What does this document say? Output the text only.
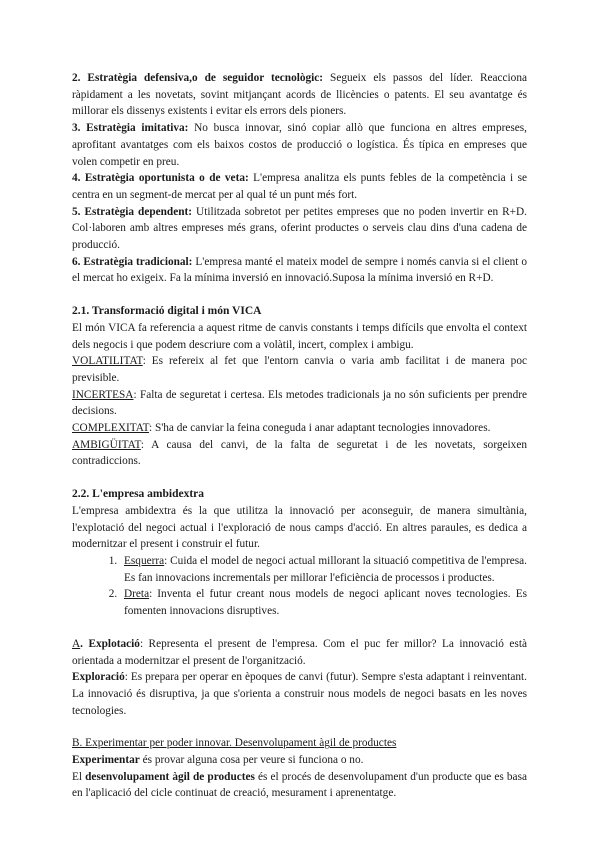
2. Estratègia defensiva,o de seguidor tecnològic: Segueix els passos del líder. Reacciona ràpidament a les novetats, sovint mitjançant acords de llicències o patents. El seu avantatge és millorar els dissenys existents i evitar els errors dels pioners.

3. Estratègia imitativa: No busca innovar, sinó copiar allò que funciona en altres empreses, aprofitant avantatges com els baixos costos de producció o logística. És típica en empreses que volen competir en preu.

4. Estratègia oportunista o de veta: L'empresa analitza els punts febles de la competència i se centra en un segment-de mercat per al qual té un punt més fort.

5. Estratègia dependent: Utilitzada sobretot per petites empreses que no poden invertir en R+D. Col·laboren amb altres empreses més grans, oferint productes o serveis clau dins d'una cadena de producció.

6. Estratègia tradicional: L'empresa manté el mateix model de sempre i només canvia si el client o el mercat ho exigeix. Fa la mínima inversió en innovació.Suposa la mínima inversió en R+D.

2.1. Transformació digital i món VICA

El món VICA fa referencia a aquest ritme de canvis constants i temps difícils que envolta el context dels negocis i que podem descriure com a volàtil, incert, complex i ambigu.

VOLATILITAT: Es refereix al fet que l'entorn canvia o varia amb facilitat i de manera poc previsible.

INCERTESA: Falta de seguretat i certesa. Els metodes tradicionals ja no són suficients per prendre decisions.

COMPLEXITAT: S'ha de canviar la feina coneguda i anar adaptant tecnologies innovadores.

AMBIGÜITAT: A causa del canvi, de la falta de seguretat i de les novetats, sorgeixen contradiccions.

2.2. L'empresa ambidextra

L'empresa ambidextra és la que utilitza la innovació per aconseguir, de manera simultània, l'explotació del negoci actual i l'exploració de nous camps d'acció. En altres paraules, es dedica a modernitzar el present i construir el futur.

1. Esquerra: Cuida el model de negoci actual millorant la situació competitiva de l'empresa. Es fan innovacions incrementals per millorar l'eficiència de processos i productes.
2. Dreta: Inventa el futur creant nous models de negoci aplicant noves tecnologies. Es fomenten innovacions disruptives.

A. Explotació: Representa el present de l'empresa. Com el puc fer millor? La innovació està orientada a modernitzar el present de l'organització.

Exploració: Es prepara per operar en èpoques de canvi (futur). Sempre s'esta adaptant i reinventant. La innovació és disruptiva, ja que s'orienta a construir nous models de negoci basats en les noves tecnologies.

B. Experimentar per poder innovar. Desenvolupament àgil de productes

Experimentar és provar alguna cosa per veure si funciona o no.

El desenvolupament àgil de productes és el procés de desenvolupament d'un producte que es basa en l'aplicació del cicle continuat de creació, mesurament i aprenentatge.
